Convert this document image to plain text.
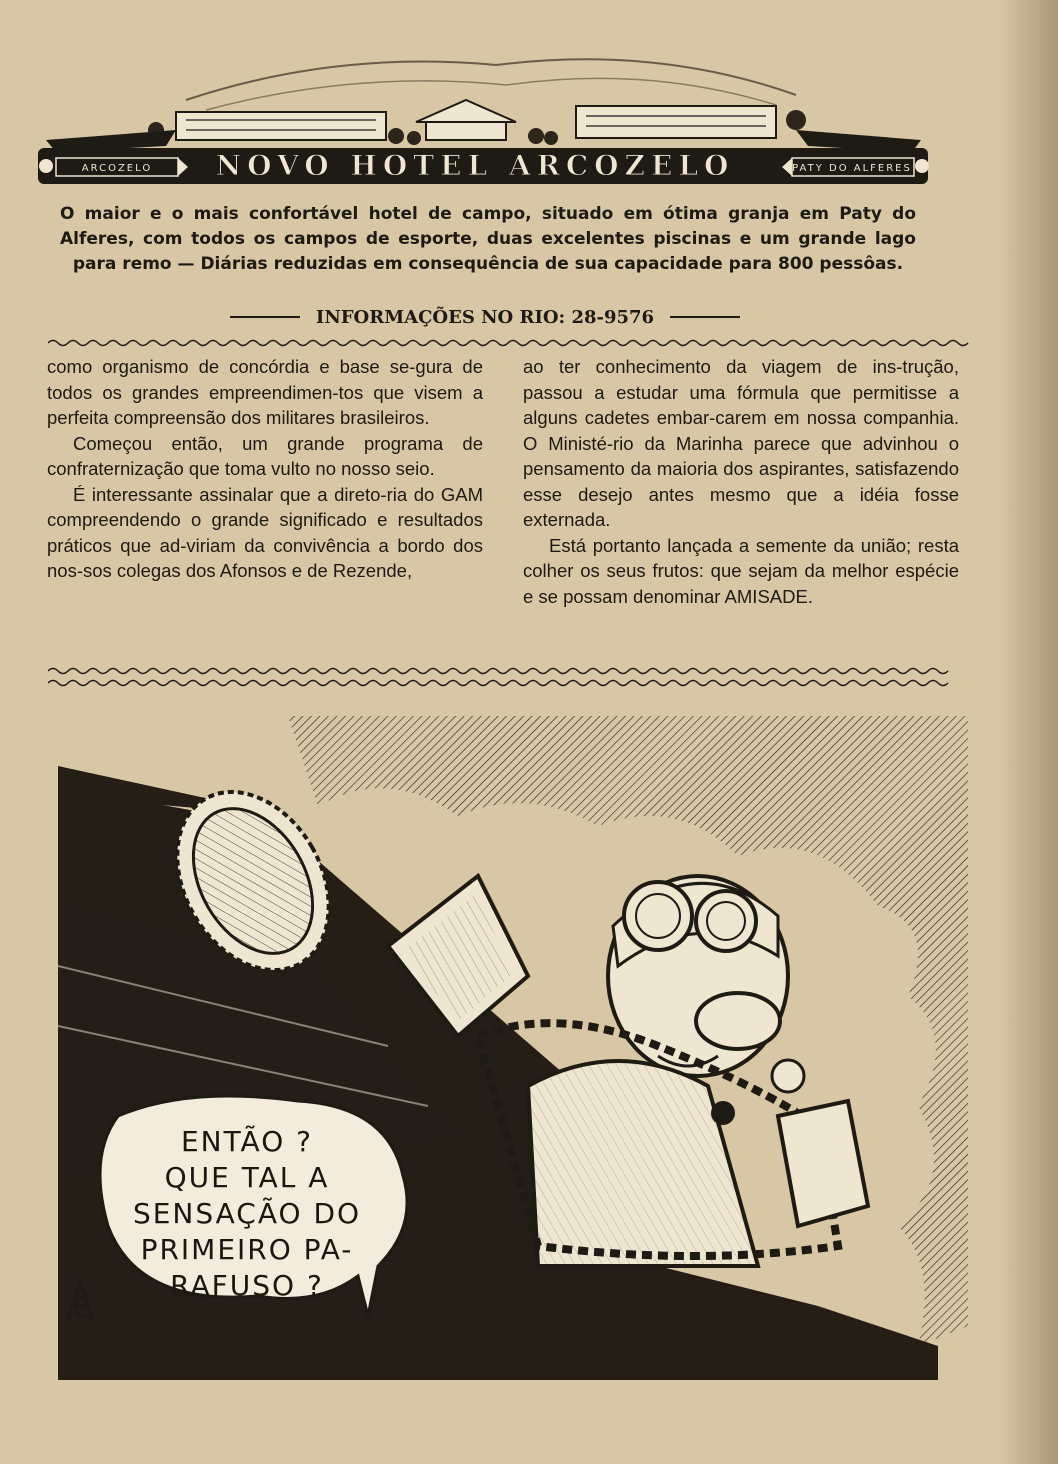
NOVO HOTEL ARCOZELO
ARCOZELO	PATY DO ALFERES
O maior e o mais confortável hotel de campo, situado em ótima granja em Paty do Alferes, com todos os campos de esporte, duas excelentes piscinas e um grande lago para remo — Diárias reduzidas em consequência de sua capacidade para 800 pessôas.
INFORMAÇÕES NO RIO: 28-9576

como organismo de concórdia e base se-gura de todos os grandes empreendimen-tos que visem a perfeita compreensão dos militares brasileiros.

Começou então, um grande programa de confraternização que toma vulto no nosso seio.

É interessante assinalar que a direto-ria do GAM compreendendo o grande significado e resultados práticos que ad-viriam da convivência a bordo dos nos-sos colegas dos Afonsos e de Rezende,

ao ter conhecimento da viagem de ins-trução, passou a estudar uma fórmula que permitisse a alguns cadetes embar-carem em nossa companhia. O Ministé-rio da Marinha parece que advinhou o pensamento da maioria dos aspirantes, satisfazendo esse desejo antes mesmo que a idéia fosse externada.

Está portanto lançada a semente da união; resta colher os seus frutos: que sejam da melhor espécie e se possam denominar AMISADE.

ENTÃO ?
QUE TAL A
SENSAÇÃO DO
PRIMEIRO PA-
RAFUSO ?
